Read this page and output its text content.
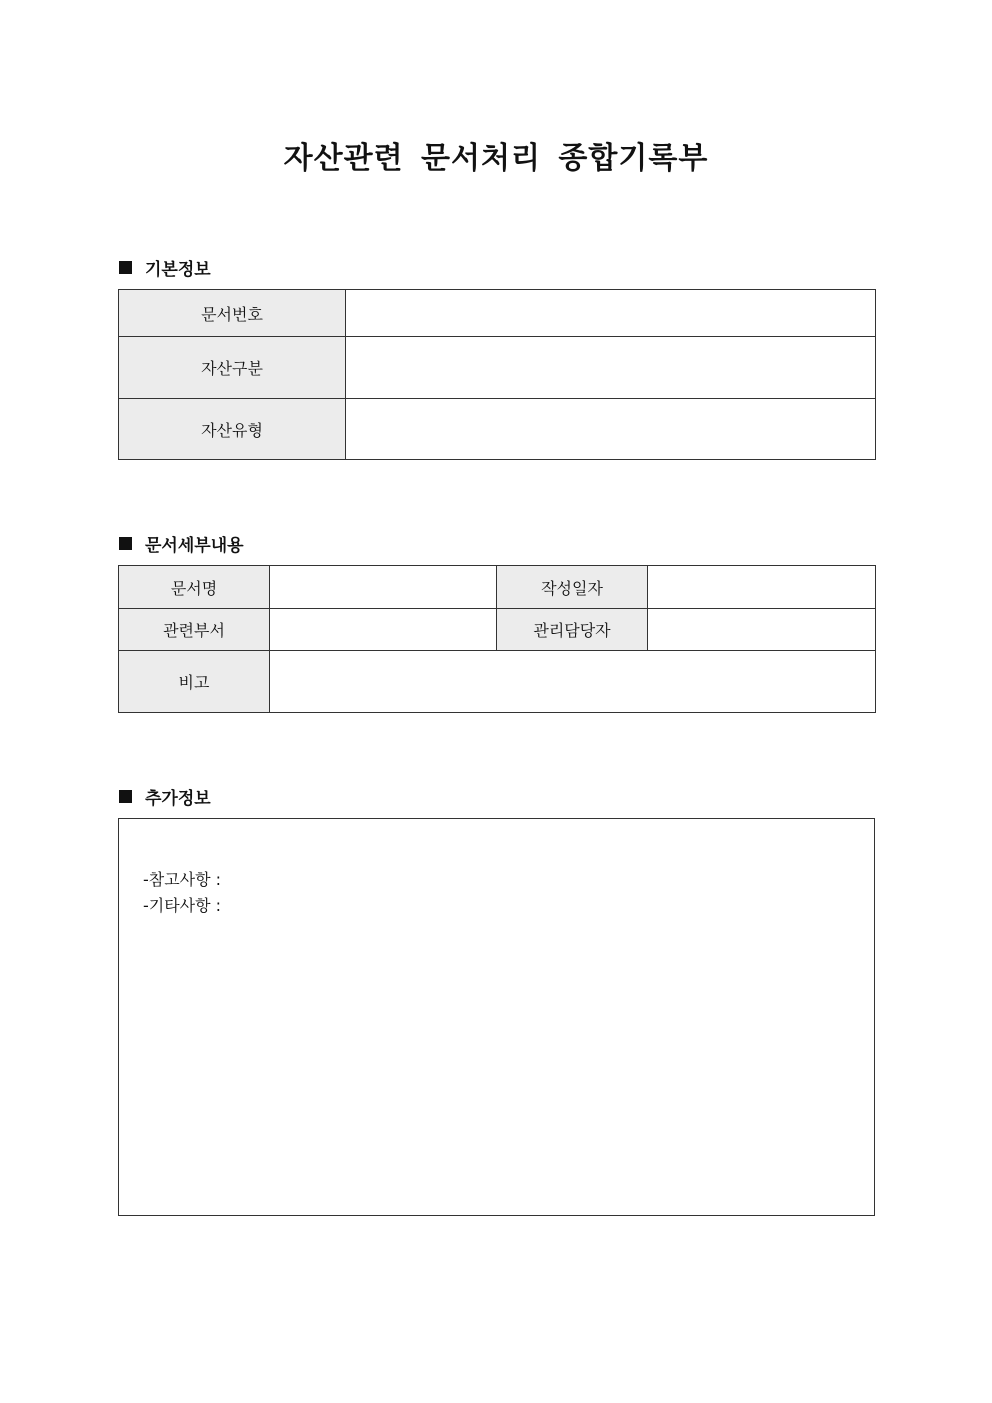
자산관련 문서처리 종합기록부
기본정보
문서번호	
자산구분	
자산유형	
문서세부내용
문서명		작성일자	
관련부서		관리담당자	
비고			
추가정보
-참고사항 :
-기타사항 :
